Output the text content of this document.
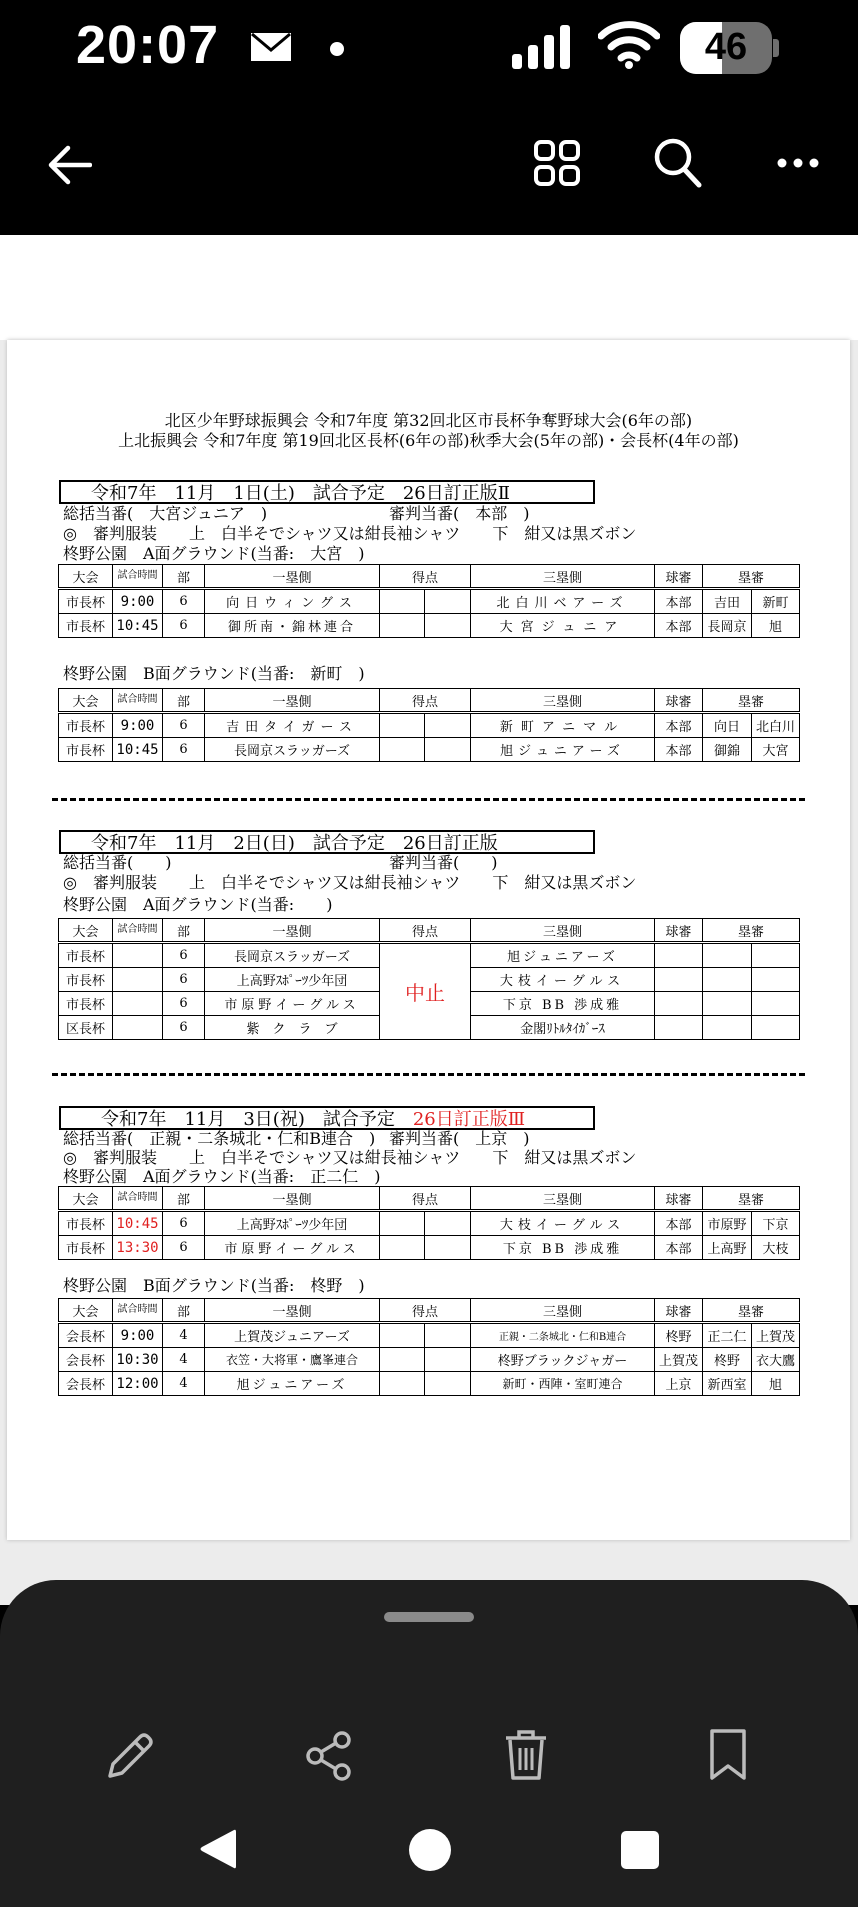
20:07	46
北区少年野球振興会 令和7年度 第32回北区市長杯争奪野球大会(6年の部)
上北振興会 令和7年度 第19回北区長杯(6年の部)秋季大会(5年の部)・会長杯(4年の部)
令和7年　11月　1日(土)　試合予定　26日訂正版Ⅱ
総括当番(　大宮ジュニア　)	審判当番(　本部　)
◎　審判服装　　上　白半そでシャツ又は紺長袖シャツ　　下　紺又は黒ズボン
柊野公園　A面グラウンド(当番:　大宮　)
大会	試合時間	部	一塁側	得点		三塁側	球審	塁審	
市長杯	9:00	6	向日ウィングス			北白川ベアーズ	本部	吉田	新町
市長杯	10:45	6	御所南・錦林連合			大宮ジュニア	本部	長岡京	旭
柊野公園　B面グラウンド(当番:　新町　)
大会	試合時間	部	一塁側	得点		三塁側	球審	塁審	
市長杯	9:00	6	吉田タイガース			新町アニマル	本部	向日	北白川
市長杯	10:45	6	長岡京スラッガーズ			旭ジュニアーズ	本部	御錦	大宮
令和7年　11月　2日(日)　試合予定　26日訂正版
総括当番(　　)	審判当番(　　)
◎　審判服装　　上　白半そでシャツ又は紺長袖シャツ　　下　紺又は黒ズボン
柊野公園　A面グラウンド(当番:　　)
大会	試合時間	部	一塁側	得点	三塁側	球審	塁審	
市長杯		6	長岡京スラッガーズ	中止	旭ジュニアーズ			
市長杯		6	上高野ｽﾎﾟｰﾂ少年団		大枝イーグルス			
市長杯		6	市原野イーグルス		下京 BB 渉成雅			
区長杯		6	紫　ク　ラ　ブ		金閣ﾘﾄﾙﾀｲｶﾞｰｽ			
令和7年　11月　3日(祝)　試合予定　 26日訂正版Ⅲ
総括当番(　正親・二条城北・仁和B連合　) 審判当番(　上京　)
◎　審判服装　　上　白半そでシャツ又は紺長袖シャツ　　下　紺又は黒ズボン
柊野公園　A面グラウンド(当番:　正二仁　)
大会	試合時間	部	一塁側	得点		三塁側	球審	塁審	
市長杯	10:45	6	上高野ｽﾎﾟｰﾂ少年団			大枝イーグルス	本部	市原野	下京
市長杯	13:30	6	市原野イーグルス			下京 BB 渉成雅	本部	上高野	大枝
柊野公園　B面グラウンド(当番:　柊野　)
大会	試合時間	部	一塁側	得点		三塁側	球審	塁審	
会長杯	9:00	4	上賀茂ジュニアーズ			正親・二条城北・仁和B連合	柊野	正二仁	上賀茂
会長杯	10:30	4	衣笠・大将軍・鷹峯連合			柊野ブラックジャガー	上賀茂	柊野	衣大鷹
会長杯	12:00	4	旭ジュニアーズ			新町・西陣・室町連合	上京	新西室	旭
